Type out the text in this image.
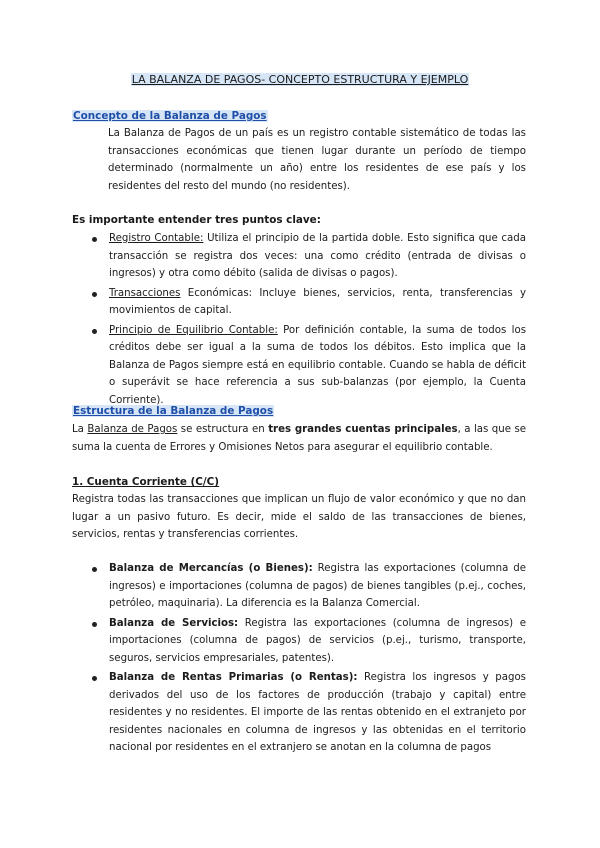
LA BALANZA DE PAGOS- CONCEPTO ESTRUCTURA Y EJEMPLO
Concepto de la Balanza de Pagos

La Balanza de Pagos de un país es un registro contable sistemático de todas las transacciones económicas que tienen lugar durante un período de tiempo determinado (normalmente un año) entre los residentes de ese país y los residentes del resto del mundo (no residentes).

Es importante entender tres puntos clave:
Registro Contable: Utiliza el principio de la partida doble. Esto significa que cada transacción se registra dos veces: una como crédito (entrada de divisas o ingresos) y otra como débito (salida de divisas o pagos).
Transacciones Económicas: Incluye bienes, servicios, renta, transferencias y movimientos de capital.
Principio de Equilibrio Contable: Por definición contable, la suma de todos los créditos debe ser igual a la suma de todos los débitos. Esto implica que la Balanza de Pagos siempre está en equilibrio contable. Cuando se habla de déficit o superávit se hace referencia a sus sub-balanzas (por ejemplo, la Cuenta Corriente).
Estructura de la Balanza de Pagos

La Balanza de Pagos se estructura en tres grandes cuentas principales, a las que se suma la cuenta de Errores y Omisiones Netos para asegurar el equilibrio contable.

1. Cuenta Corriente (C/C)

Registra todas las transacciones que implican un flujo de valor económico y que no dan lugar a un pasivo futuro. Es decir, mide el saldo de las transacciones de bienes, servicios, rentas y transferencias corrientes.

Balanza de Mercancías (o Bienes): Registra las exportaciones (columna de ingresos) e importaciones (columna de pagos) de bienes tangibles (p.ej., coches, petróleo, maquinaria). La diferencia es la Balanza Comercial.
Balanza de Servicios: Registra las exportaciones (columna de ingresos) e importaciones (columna de pagos) de servicios (p.ej., turismo, transporte, seguros, servicios empresariales, patentes).
Balanza de Rentas Primarias (o Rentas): Registra los ingresos y pagos derivados del uso de los factores de producción (trabajo y capital) entre residentes y no residentes. El importe de las rentas obtenido en el extranjeto por residentes nacionales en columna de ingresos y las obtenidas en el territorio nacional por residentes en el extranjero se anotan en la columna de pagos
